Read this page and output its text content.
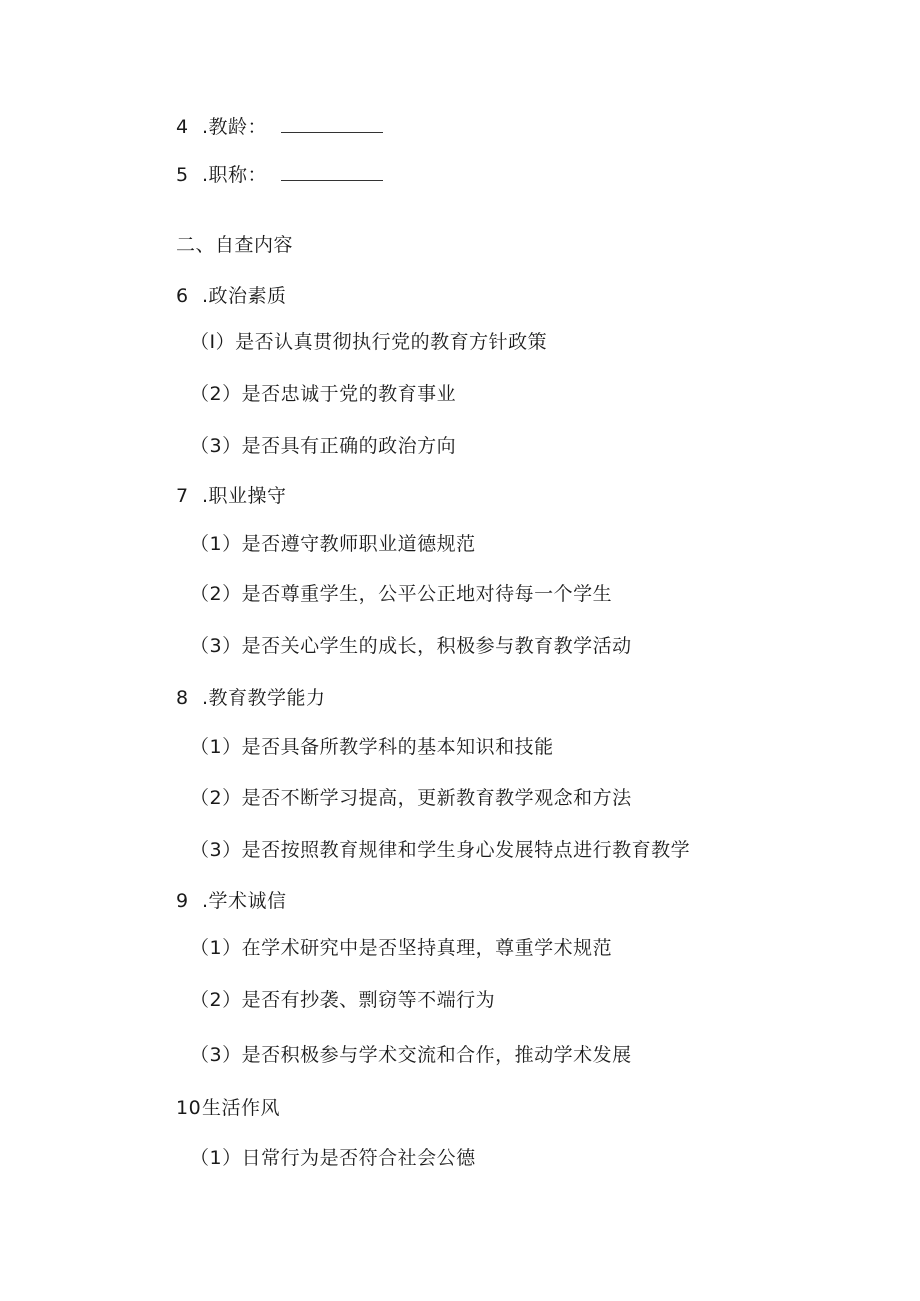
4 .教龄：
5 .职称：
二、自查内容
6 .政治素质
（I）是否认真贯彻执行党的教育方针政策
（2）是否忠诚于党的教育事业
（3）是否具有正确的政治方向
7 .职业操守
（1）是否遵守教师职业道德规范
（2）是否尊重学生，公平公正地对待每一个学生
（3）是否关心学生的成长，积极参与教育教学活动
8 .教育教学能力
（1）是否具备所教学科的基本知识和技能
（2）是否不断学习提高，更新教育教学观念和方法
（3）是否按照教育规律和学生身心发展特点进行教育教学
9 .学术诚信
（1）在学术研究中是否坚持真理，尊重学术规范
（2）是否有抄袭、剽窃等不端行为
（3）是否积极参与学术交流和合作，推动学术发展
10生活作风
（1）日常行为是否符合社会公德
